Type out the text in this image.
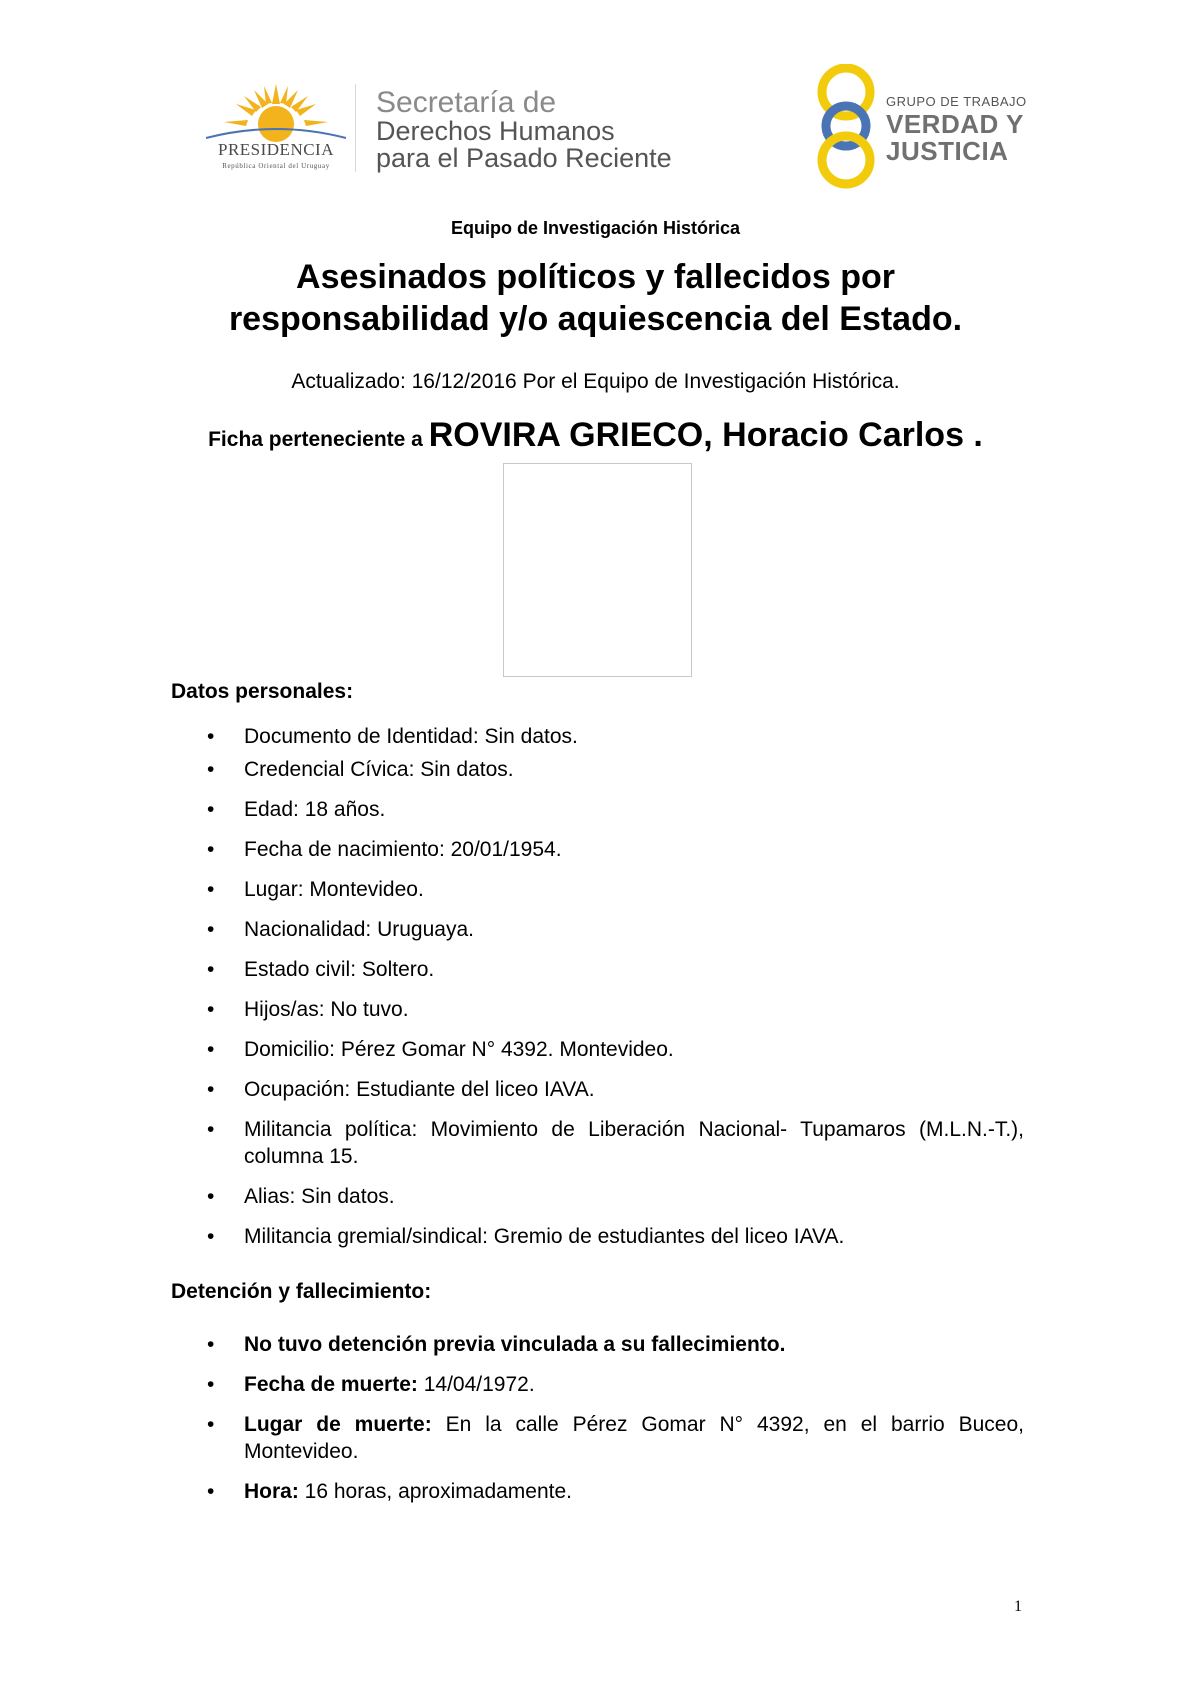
PRESIDENCIA
República Oriental del Uruguay
Secretaría de
Derechos Humanos
para el Pasado Reciente
GRUPO DE TRABAJO
VERDAD Y
JUSTICIA
Equipo de Investigación Histórica
Asesinados políticos y fallecidos por
responsabilidad y/o aquiescencia del Estado.
Actualizado: 16/12/2016 Por el Equipo de Investigación Histórica.
Ficha perteneciente a ROVIRA GRIECO, Horacio Carlos .
Datos personales:
• Documento de Identidad: Sin datos.
• Credencial Cívica: Sin datos.
• Edad: 18 años.
• Fecha de nacimiento: 20/01/1954.
• Lugar: Montevideo.
• Nacionalidad: Uruguaya.
• Estado civil: Soltero.
• Hijos/as: No tuvo.
• Domicilio: Pérez Gomar N° 4392. Montevideo.
• Ocupación: Estudiante del liceo IAVA.
• Militancia política: Movimiento de Liberación Nacional- Tupamaros (M.L.N.-T.), columna 15.
• Alias: Sin datos.
• Militancia gremial/sindical: Gremio de estudiantes del liceo IAVA.
Detención y fallecimiento:
• No tuvo detención previa vinculada a su fallecimiento.
• Fecha de muerte: 14/04/1972.
• Lugar de muerte: En la calle Pérez Gomar N° 4392, en el barrio Buceo, Montevideo.
• Hora: 16 horas, aproximadamente.
1
